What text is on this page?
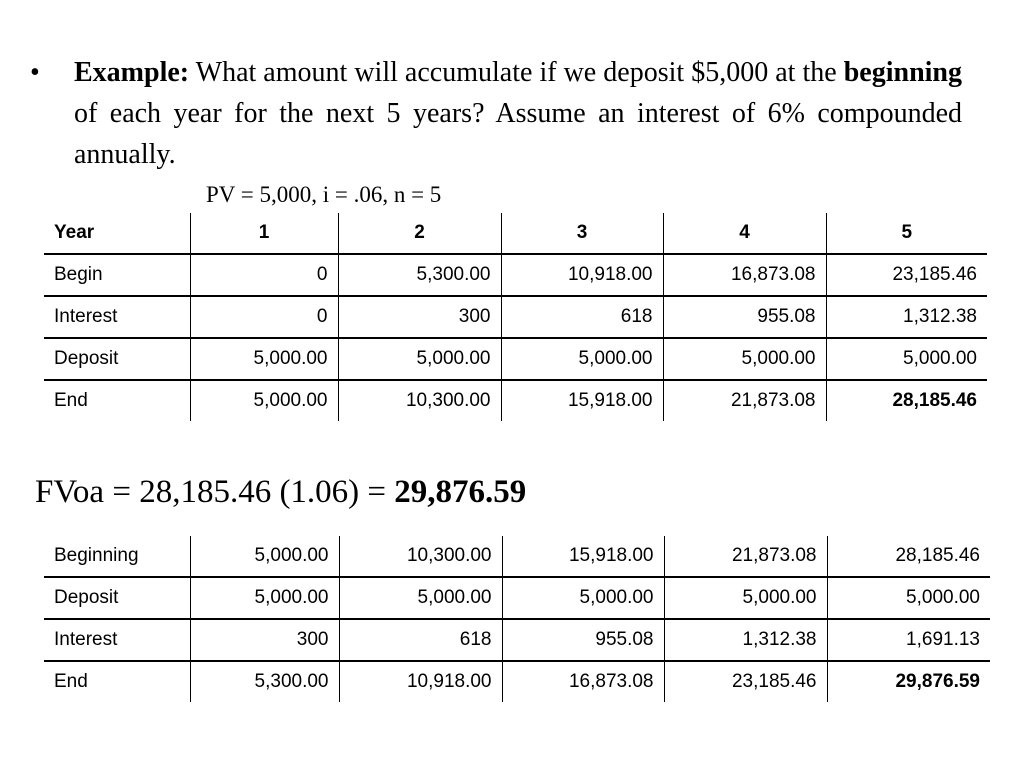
•	Example: What amount will accumulate if we deposit $5,000 at the beginning of each year for the next 5 years? Assume an interest of 6% compounded annually.
PV = 5,000, i = .06, n = 5
Year	1	2	3	4	5
Begin	0	5,300.00	10,918.00	16,873.08	23,185.46
Interest	0	300	618	955.08	1,312.38
Deposit	5,000.00	5,000.00	5,000.00	5,000.00	5,000.00
End	5,000.00	10,300.00	15,918.00	21,873.08	28,185.46
FVoa = 28,185.46 (1.06) = 29,876.59
Beginning	5,000.00	10,300.00	15,918.00	21,873.08	28,185.46
Deposit	5,000.00	5,000.00	5,000.00	5,000.00	5,000.00
Interest	300	618	955.08	1,312.38	1,691.13
End	5,300.00	10,918.00	16,873.08	23,185.46	29,876.59
